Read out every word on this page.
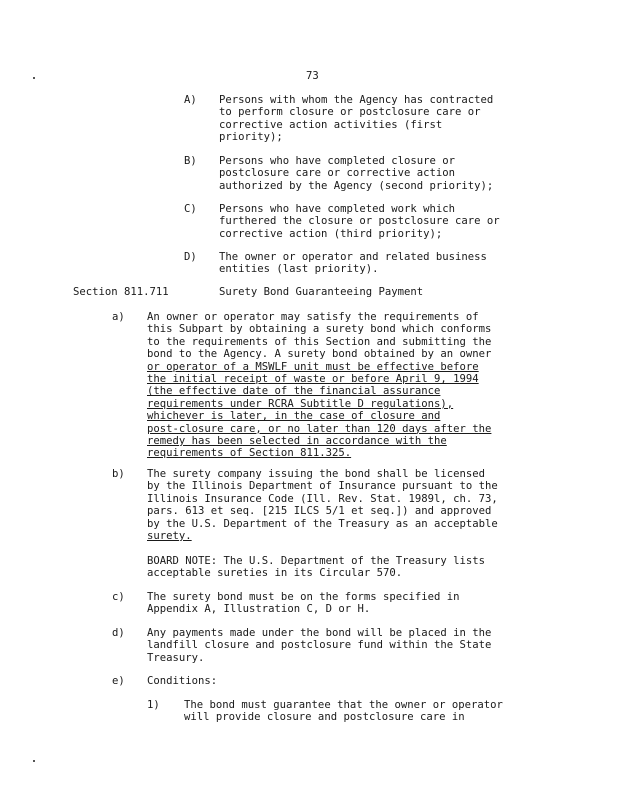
73
A) Persons with whom the Agency has contracted
to perform closure or postclosure care or
corrective action activities (first
priority);
B) Persons who have completed closure or
postclosure care or corrective action
authorized by the Agency (second priority);
C) Persons who have completed work which
furthered the closure or postclosure care or
corrective action (third priority);
D) The owner or operator and related business
entities (last priority).
Section 811.711	Surety Bond Guaranteeing Payment
a) An owner or operator may satisfy the requirements of
this Subpart by obtaining a surety bond which conforms
to the requirements of this Section and submitting the
bond to the Agency. A surety bond obtained by an owner
or operator of a MSWLF unit must be effective before
the initial receipt of waste or before April 9, 1994
(the effective date of the financial assurance
requirements under RCRA Subtitle D regulations),
whichever is later, in the case of closure and
post-closure care, or no later than 120 days after the
remedy has been selected in accordance with the
requirements of Section 811.325.
b) The surety company issuing the bond shall be licensed
by the Illinois Department of Insurance pursuant to the
Illinois Insurance Code (Ill. Rev. Stat. 1989l, ch. 73,
pars. 613 et seq. [215 ILCS 5/1 et seq.]) and approved
by the U.S. Department of the Treasury as an acceptable
surety.
BOARD NOTE: The U.S. Department of the Treasury lists
acceptable sureties in its Circular 570.
c) The surety bond must be on the forms specified in
Appendix A, Illustration C, D or H.
d) Any payments made under the bond will be placed in the
landfill closure and postclosure fund within the State
Treasury.
e) Conditions:
1) The bond must guarantee that the owner or operator
will provide closure and postclosure care in
